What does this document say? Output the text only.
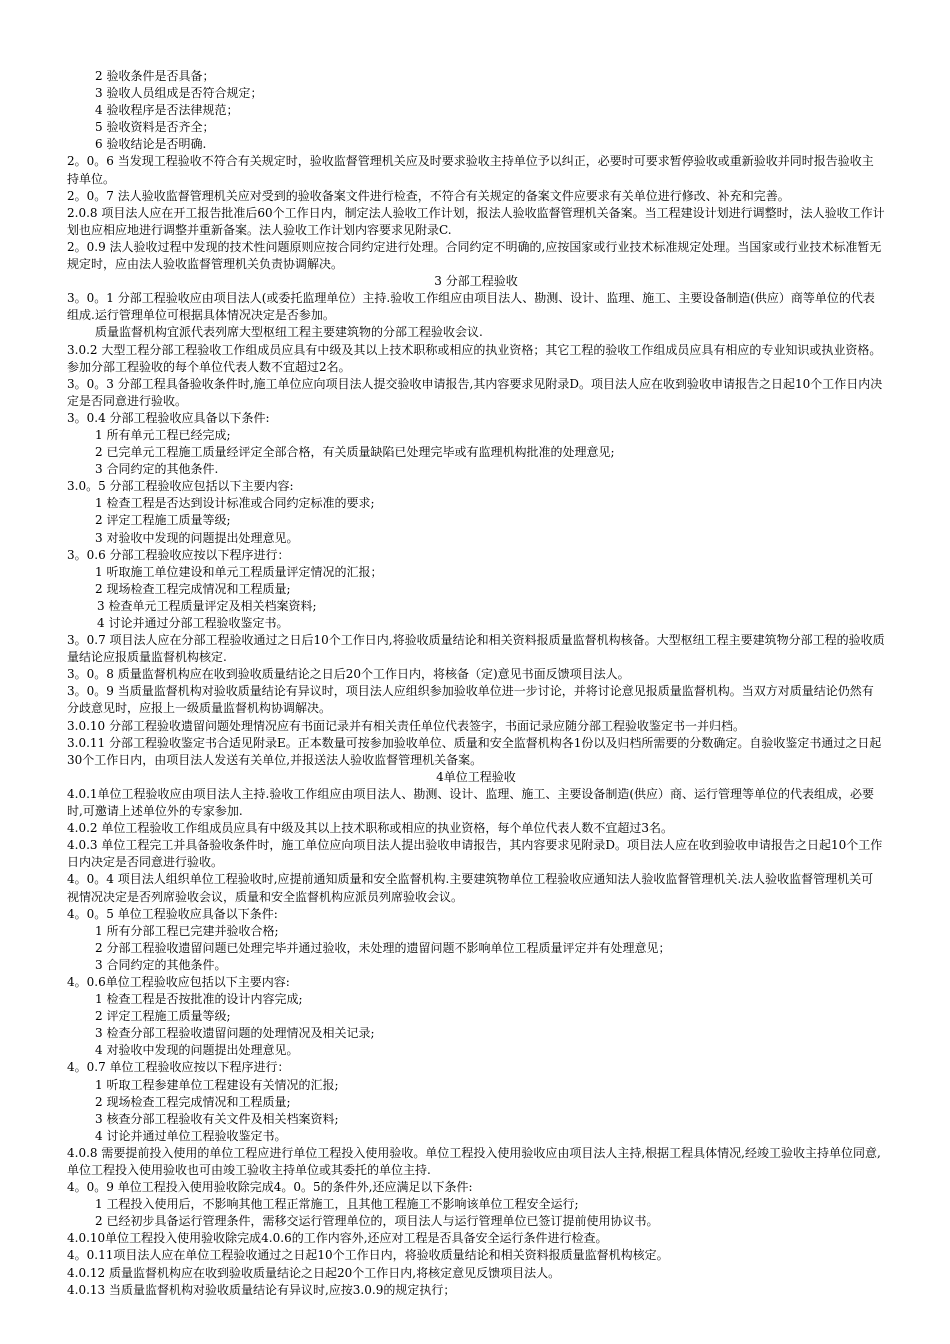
2 验收条件是否具备；

3 验收人员组成是否符合规定；

4 验收程序是否法律规范；

5 验收资料是否齐全；

6 验收结论是否明确.

2。0。6 当发现工程验收不符合有关规定时，验收监督管理机关应及时要求验收主持单位予以纠正，必要时可要求暂停验收或重新验收并同时报告验收主持单位。

2。0。7 法人验收监督管理机关应对受到的验收备案文件进行检查，不符合有关规定的备案文件应要求有关单位进行修改、补充和完善。

2.0.8 项目法人应在开工报告批准后60个工作日内，制定法人验收工作计划，报法人验收监督管理机关备案。当工程建设计划进行调整时，法人验收工作计划也应相应地进行调整并重新备案。法人验收工作计划内容要求见附录C.

2。0.9 法人验收过程中发现的技术性问题原则应按合同约定进行处理。合同约定不明确的,应按国家或行业技术标准规定处理。当国家或行业技术标准暂无规定时，应由法人验收监督管理机关负责协调解决。

3 分部工程验收

3。0。1 分部工程验收应由项目法人(或委托监理单位）主持.验收工作组应由项目法人、勘测、设计、监理、施工、主要设备制造(供应）商等单位的代表组成.运行管理单位可根据具体情况决定是否参加。

质量监督机构宜派代表列席大型枢纽工程主要建筑物的分部工程验收会议.

3.0.2 大型工程分部工程验收工作组成员应具有中级及其以上技术职称或相应的执业资格；其它工程的验收工作组成员应具有相应的专业知识或执业资格。参加分部工程验收的每个单位代表人数不宜超过2名。

3。0。3 分部工程具备验收条件时,施工单位应向项目法人提交验收申请报告,其内容要求见附录D。项目法人应在收到验收申请报告之日起10个工作日内决定是否同意进行验收。

3。0.4 分部工程验收应具备以下条件:

1 所有单元工程已经完成;

2 已完单元工程施工质量经评定全部合格，有关质量缺陷已处理完毕或有监理机构批准的处理意见;

3 合同约定的其他条件.

3.0。5 分部工程验收应包括以下主要内容:

1 检查工程是否达到设计标准或合同约定标准的要求;

2 评定工程施工质量等级;

3 对验收中发现的问题提出处理意见。

3。0.6 分部工程验收应按以下程序进行：

1 听取施工单位建设和单元工程质量评定情况的汇报；

2 现场检查工程完成情况和工程质量;

3 检查单元工程质量评定及相关档案资料;

4 讨论并通过分部工程验收鉴定书。

3。0.7 项目法人应在分部工程验收通过之日后10个工作日内,将验收质量结论和相关资料报质量监督机构核备。大型枢纽工程主要建筑物分部工程的验收质量结论应报质量监督机构核定.

3。0。8 质量监督机构应在收到验收质量结论之日后20个工作日内，将核备（定)意见书面反馈项目法人。

3。0。9 当质量监督机构对验收质量结论有异议时，项目法人应组织参加验收单位进一步讨论，并将讨论意见报质量监督机构。当双方对质量结论仍然有分歧意见时，应报上一级质量监督机构协调解决。

3.0.10 分部工程验收遗留问题处理情况应有书面记录并有相关责任单位代表签字，书面记录应随分部工程验收鉴定书一并归档。

3.0.11 分部工程验收鉴定书合适见附录E。正本数量可按参加验收单位、质量和安全监督机构各1份以及归档所需要的分数确定。自验收鉴定书通过之日起30个工作日内，由项目法人发送有关单位,并报送法人验收监督管理机关备案。

4单位工程验收

4.0.1单位工程验收应由项目法人主持.验收工作组应由项目法人、勘测、设计、监理、施工、主要设备制造(供应）商、运行管理等单位的代表组成，必要时,可邀请上述单位外的专家参加.

4.0.2 单位工程验收工作组成员应具有中级及其以上技术职称或相应的执业资格，每个单位代表人数不宜超过3名。

4.0.3 单位工程完工并具备验收条件时，施工单位应向项目法人提出验收申请报告，其内容要求见附录D。项目法人应在收到验收申请报告之日起10个工作日内决定是否同意进行验收。

4。0。4 项目法人组织单位工程验收时,应提前通知质量和安全监督机构.主要建筑物单位工程验收应通知法人验收监督管理机关.法人验收监督管理机关可视情况决定是否列席验收会议，质量和安全监督机构应派员列席验收会议。

4。0。5 单位工程验收应具备以下条件:

1 所有分部工程已完建并验收合格;

2 分部工程验收遗留问题已处理完毕并通过验收，未处理的遗留问题不影响单位工程质量评定并有处理意见；

3 合同约定的其他条件。

4。0.6单位工程验收应包括以下主要内容:

1 检查工程是否按批准的设计内容完成;

2 评定工程施工质量等级;

3 检查分部工程验收遗留问题的处理情况及相关记录;

4 对验收中发现的问题提出处理意见。

4。0.7 单位工程验收应按以下程序进行：

1 听取工程参建单位工程建设有关情况的汇报;

2 现场检查工程完成情况和工程质量;

3 核查分部工程验收有关文件及相关档案资料;

4 讨论并通过单位工程验收鉴定书。

4.0.8 需要提前投入使用的单位工程应进行单位工程投入使用验收。单位工程投入使用验收应由项目法人主持,根据工程具体情况,经竣工验收主持单位同意,单位工程投入使用验收也可由竣工验收主持单位或其委托的单位主持.

4。0。9 单位工程投入使用验收除完成4。0。5的条件外,还应满足以下条件:

1 工程投入使用后，不影响其他工程正常施工，且其他工程施工不影响该单位工程安全运行;

2 已经初步具备运行管理条件，需移交运行管理单位的，项目法人与运行管理单位已签订提前使用协议书。

4.0.10单位工程投入使用验收除完成4.0.6的工作内容外,还应对工程是否具备安全运行条件进行检查。

4。0.11项目法人应在单位工程验收通过之日起10个工作日内，将验收质量结论和相关资料报质量监督机构核定。

4.0.12 质量监督机构应在收到验收质量结论之日起20个工作日内,将核定意见反馈项目法人。

4.0.13 当质量监督机构对验收质量结论有异议时,应按3.0.9的规定执行；
